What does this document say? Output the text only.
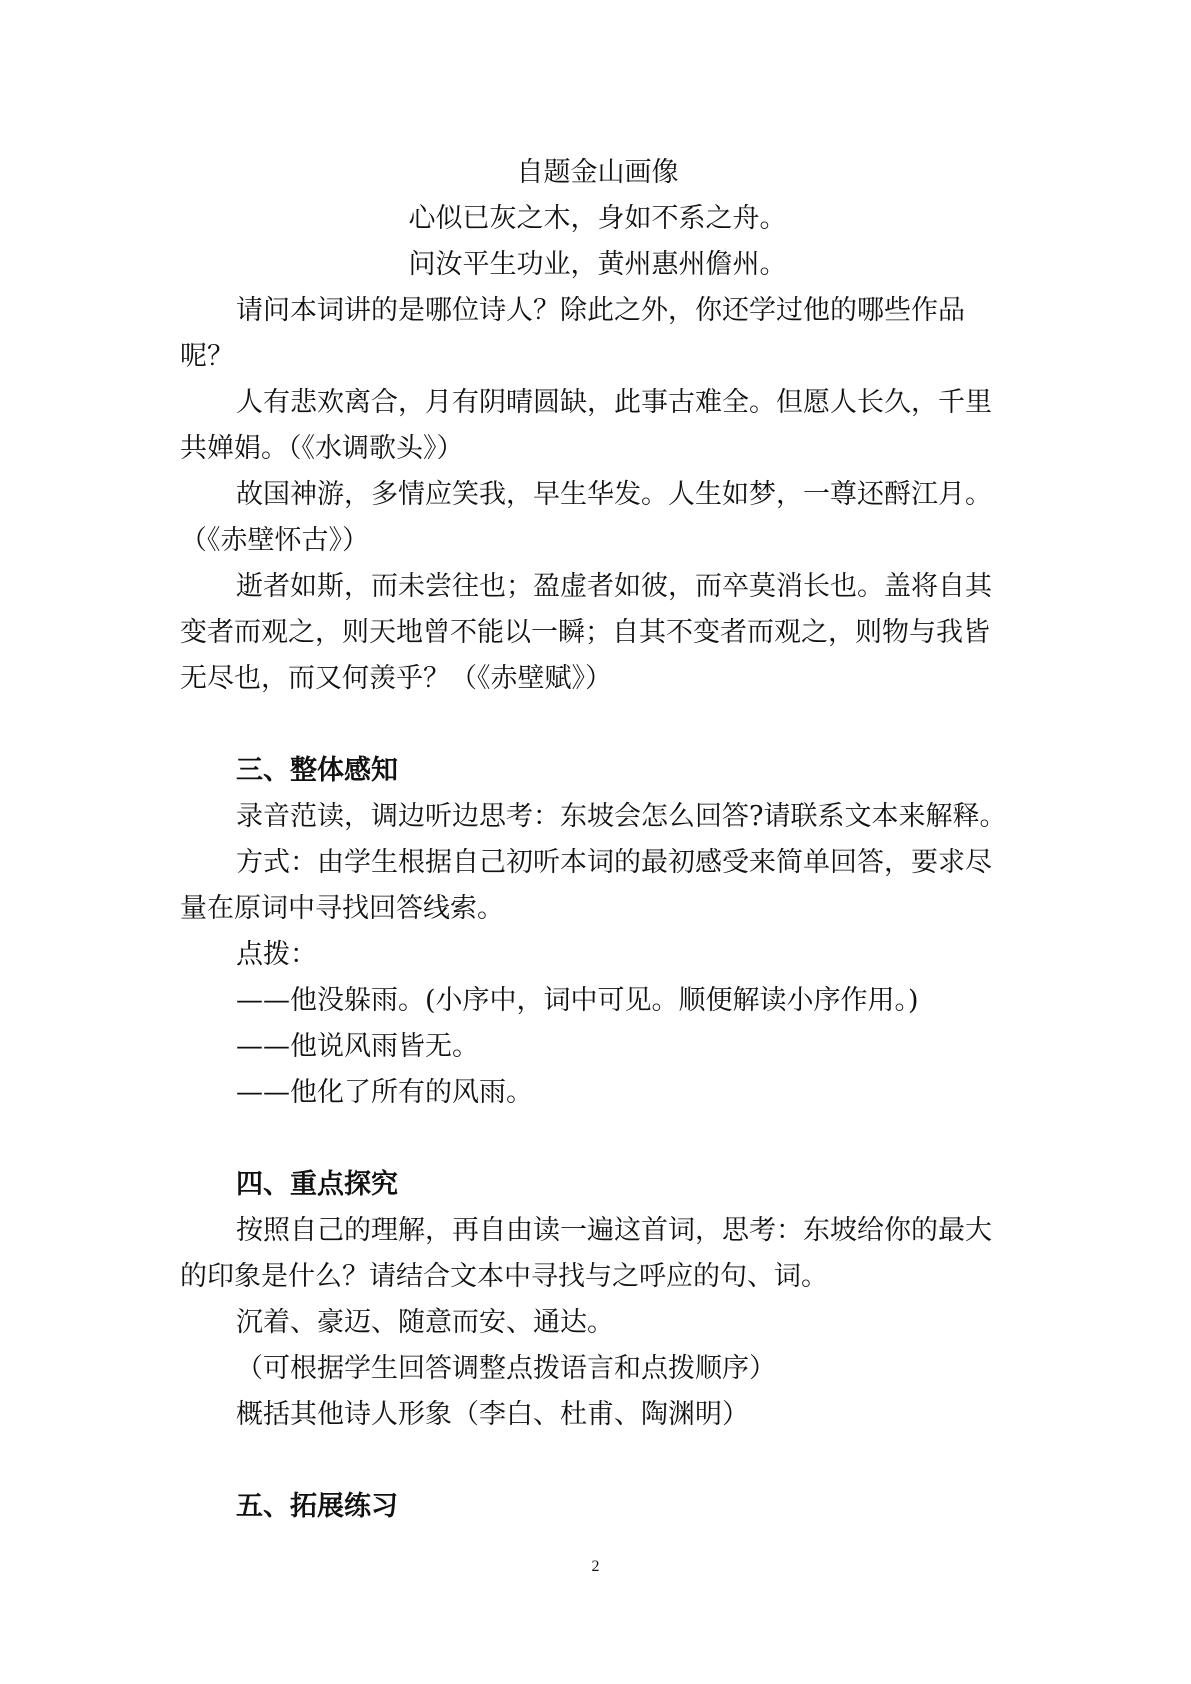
自题金山画像

心似已灰之木，身如不系之舟。

问汝平生功业，黄州惠州儋州。

请问本词讲的是哪位诗人？除此之外，你还学过他的哪些作品呢？

人有悲欢离合，月有阴晴圆缺，此事古难全。但愿人长久，千里共婵娟。（《水调歌头》）

故国神游，多情应笑我，早生华发。人生如梦，一尊还酹江月。（《赤壁怀古》）

逝者如斯，而未尝往也；盈虚者如彼，而卒莫消长也。盖将自其变者而观之，则天地曾不能以一瞬；自其不变者而观之，则物与我皆无尽也，而又何羡乎？（《赤壁赋》）

三、整体感知

录音范读，调边听边思考：东坡会怎么回答?请联系文本来解释。

方式：由学生根据自己初听本词的最初感受来简单回答，要求尽量在原词中寻找回答线索。

点拨：

——他没躲雨。(小序中，词中可见。顺便解读小序作用。)

——他说风雨皆无。

——他化了所有的风雨。

四、重点探究

按照自己的理解，再自由读一遍这首词，思考：东坡给你的最大的印象是什么？请结合文本中寻找与之呼应的句、词。

沉着、豪迈、随意而安、通达。

（可根据学生回答调整点拨语言和点拨顺序）

概括其他诗人形象（李白、杜甫、陶渊明）

五、拓展练习

2
